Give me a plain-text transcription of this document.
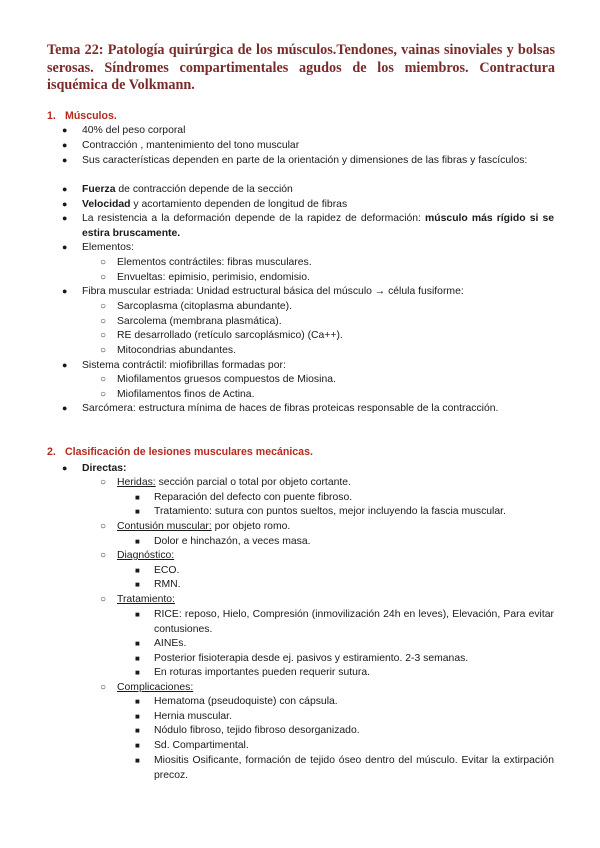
Tema 22: Patología quirúrgica de los músculos.Tendones, vainas sinoviales y bolsas serosas. Síndromes compartimentales agudos de los miembros. Contractura isquémica de Volkmann.
1. Músculos.
● 40% del peso corporal
● Contracción , mantenimiento del tono muscular
● Sus características dependen en parte de la orientación y dimensiones de las fibras y fascículos:
● Fuerza de contracción depende de la sección
● Velocidad y acortamiento dependen de longitud de fibras
● La resistencia a la deformación depende de la rapidez de deformación: músculo más rígido si se estira bruscamente.
● Elementos:
○ Elementos contráctiles: fibras musculares.
○ Envueltas: epimisio, perimisio, endomisio.
● Fibra muscular estriada: Unidad estructural básica del músculo → célula fusiforme:
○ Sarcoplasma (citoplasma abundante).
○ Sarcolema (membrana plasmática).
○ RE desarrollado (retículo sarcoplásmico) (Ca++).
○ Mitocondrias abundantes.
● Sistema contráctil: miofibrillas formadas por:
○ Miofilamentos gruesos compuestos de Miosina.
○ Miofilamentos finos de Actina.
● Sarcómera: estructura mínima de haces de fibras proteicas responsable de la contracción.
2. Clasificación de lesiones musculares mecánicas.
● Directas:
○ Heridas: sección parcial o total por objeto cortante.
■ Reparación del defecto con puente fibroso.
■ Tratamiento: sutura con puntos sueltos, mejor incluyendo la fascia muscular.
○ Contusión muscular: por objeto romo.
■ Dolor e hinchazón, a veces masa.
○ Diagnóstico:
■ ECO.
■ RMN.
○ Tratamiento:
■ RICE: reposo, Hielo, Compresión (inmovilización 24h en leves), Elevación, Para evitar contusiones.
■ AINEs.
■ Posterior fisioterapia desde ej. pasivos y estiramiento. 2-3 semanas.
■ En roturas importantes pueden requerir sutura.
○ Complicaciones:
■ Hematoma (pseudoquiste) con cápsula.
■ Hernia muscular.
■ Nódulo fibroso, tejido fibroso desorganizado.
■ Sd. Compartimental.
■ Miositis Osificante, formación de tejido óseo dentro del músculo. Evitar la extirpación precoz.
